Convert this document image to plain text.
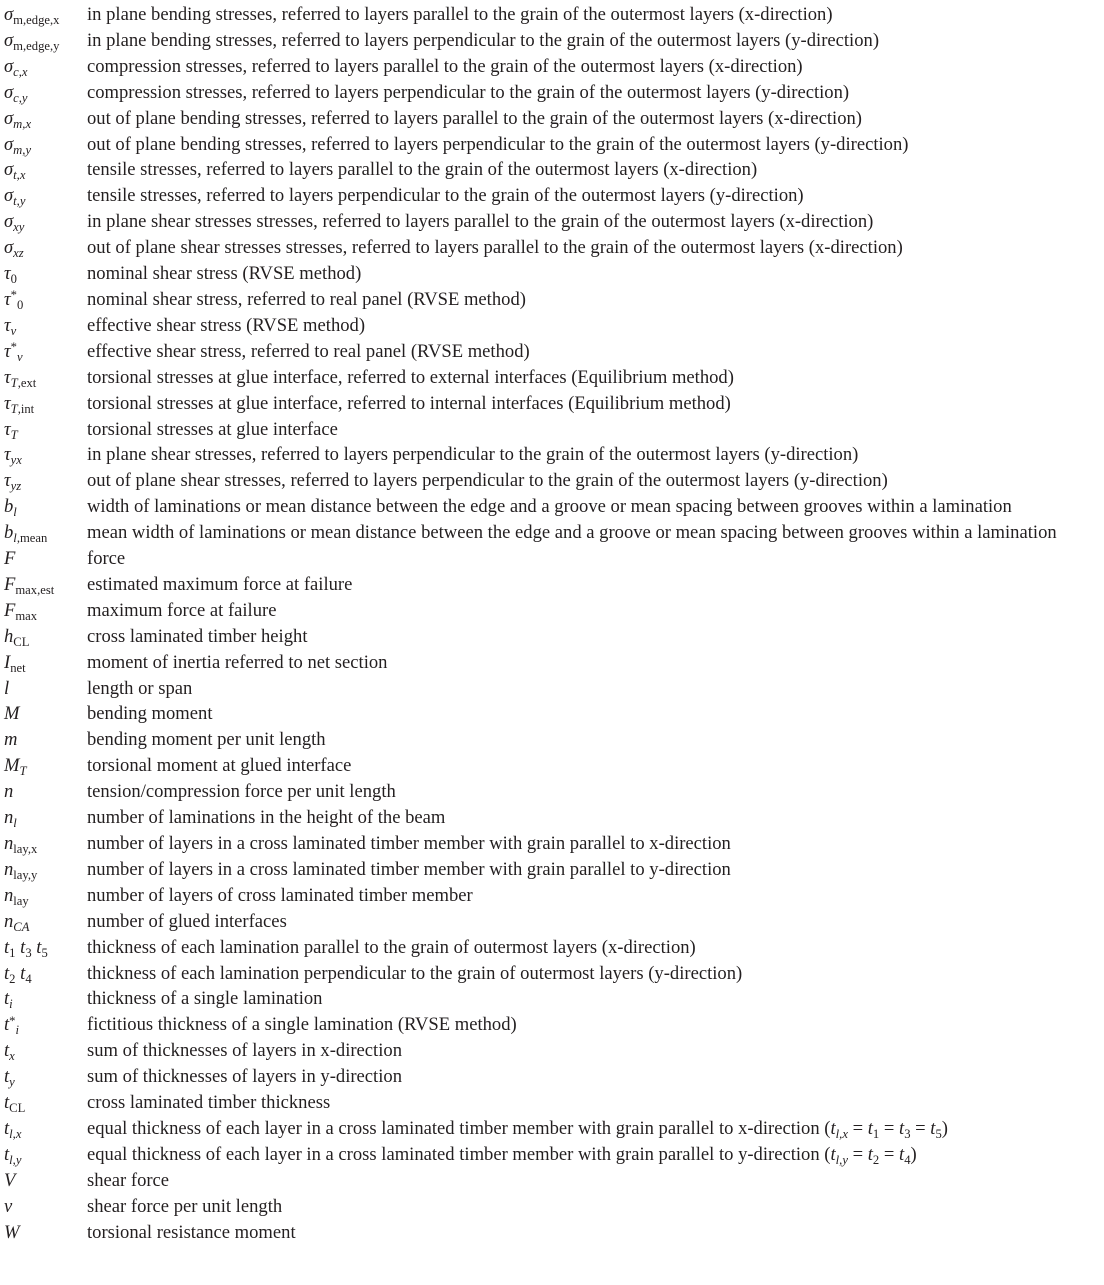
$\sigma_{m,edge,x}$	in plane bending stresses, referred to layers parallel to the grain of the outermost layers (x-direction)
$\sigma_{m,edge,y}$	in plane bending stresses, referred to layers perpendicular to the grain of the outermost layers (y-direction)
$\sigma_{c,x}$	compression stresses, referred to layers parallel to the grain of the outermost layers (x-direction)
$\sigma_{c,y}$	compression stresses, referred to layers perpendicular to the grain of the outermost layers (y-direction)
$\sigma_{m,x}$	out of plane bending stresses, referred to layers parallel to the grain of the outermost layers (x-direction)
$\sigma_{m,y}$	out of plane bending stresses, referred to layers perpendicular to the grain of the outermost layers (y-direction)
$\sigma_{t,x}$	tensile stresses, referred to layers parallel to the grain of the outermost layers (x-direction)
$\sigma_{t,y}$	tensile stresses, referred to layers perpendicular to the grain of the outermost layers (y-direction)
$\sigma_{xy}$	in plane shear stresses stresses, referred to layers parallel to the grain of the outermost layers (x-direction)
$\sigma_{xz}$	out of plane shear stresses stresses, referred to layers parallel to the grain of the outermost layers (x-direction)
$\tau_0$	nominal shear stress (RVSE method)
$\tau^*_0$	nominal shear stress, referred to real panel (RVSE method)
$\tau_v$	effective shear stress (RVSE method)
$\tau^*_v$	effective shear stress, referred to real panel (RVSE method)
$\tau_{T,ext}$	torsional stresses at glue interface, referred to external interfaces (Equilibrium method)
$\tau_{T,int}$	torsional stresses at glue interface, referred to internal interfaces (Equilibrium method)
$\tau_T$	torsional stresses at glue interface
$\tau_{yx}$	in plane shear stresses, referred to layers perpendicular to the grain of the outermost layers (y-direction)
$\tau_{yz}$	out of plane shear stresses, referred to layers perpendicular to the grain of the outermost layers (y-direction)
$b_l$	width of laminations or mean distance between the edge and a groove or mean spacing between grooves within a lamination
$b_{l,mean}$	mean width of laminations or mean distance between the edge and a groove or mean spacing between grooves within a lamination
F	force
$F_{max,est}$	estimated maximum force at failure
$F_{max}$	maximum force at failure
$h_{CL}$	cross laminated timber height
$I_{net}$	moment of inertia referred to net section
l	length or span
M	bending moment
m	bending moment per unit length
$M_T$	torsional moment at glued interface
n	tension/compression force per unit length
$n_l$	number of laminations in the height of the beam
$n_{lay,x}$	number of layers in a cross laminated timber member with grain parallel to x-direction
$n_{lay,y}$	number of layers in a cross laminated timber member with grain parallel to y-direction
$n_{lay}$	number of layers of cross laminated timber member
$n_{CA}$	number of glued interfaces
$t_1$ $t_3$ $t_5$	thickness of each lamination parallel to the grain of outermost layers (x-direction)
$t_2$ $t_4$	thickness of each lamination perpendicular to the grain of outermost layers (y-direction)
$t_i$	thickness of a single lamination
$t^*_i$	fictitious thickness of a single lamination (RVSE method)
$t_x$	sum of thicknesses of layers in x-direction
$t_y$	sum of thicknesses of layers in y-direction
$t_{CL}$	cross laminated timber thickness
$t_{l,x}$	equal thickness of each layer in a cross laminated timber member with grain parallel to x-direction $(t_{l,x} = t_1 = t_3 = t_5)$
$t_{l,y}$	equal thickness of each layer in a cross laminated timber member with grain parallel to y-direction $(t_{l,y} = t_2 = t_4)$
V	shear force
v	shear force per unit length
W	torsional resistance moment
